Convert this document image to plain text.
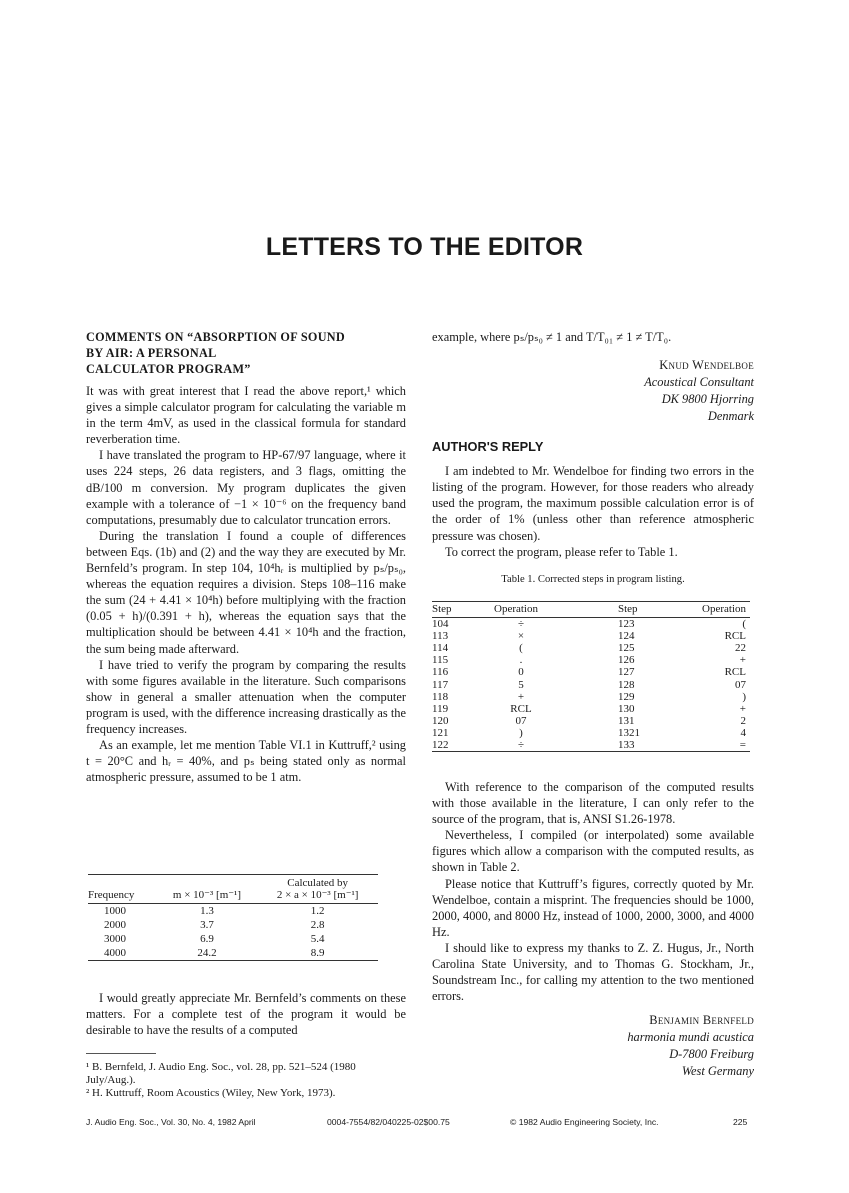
LETTERS TO THE EDITOR
COMMENTS ON “ABSORPTION OF SOUND
BY AIR: A PERSONAL
CALCULATOR PROGRAM”

It was with great interest that I read the above report,¹ which gives a simple calculator program for calculating the variable m in the term 4mV, as used in the classical formula for standard reverberation time.

I have translated the program to HP-67/97 language, where it uses 224 steps, 26 data registers, and 3 flags, omitting the dB/100 m conversion. My program duplicates the given example with a tolerance of −1 × 10⁻⁶ on the frequency band computations, presumably due to calculator truncation errors.

During the translation I found a couple of differences between Eqs. (1b) and (2) and the way they are executed by Mr. Bernfeld’s program. In step 104, 10⁴hᵣ is multiplied by pₛ/pₛ₀, whereas the equation requires a division. Steps 108–116 make the sum (24 + 4.41 × 10⁴h) before multiplying with the fraction (0.05 + h)/(0.391 + h), whereas the equation says that the multiplication should be between 4.41 × 10⁴h and the fraction, the sum being made afterward.

I have tried to verify the program by comparing the results with some figures available in the literature. Such comparisons show in general a smaller attenuation when the computer program is used, with the difference increasing drastically as the frequency increases.

As an example, let me mention Table VI.1 in Kuttruff,² using t = 20°C and hᵣ = 40%, and pₛ being stated only as normal atmospheric pressure, assumed to be 1 atm.

Frequency	m × 10⁻³ [m⁻¹]	Calculated by
2 × a × 10⁻³ [m⁻¹]

1000	1.3	1.2
2000	3.7	2.8
3000	6.9	5.4
4000	24.2	8.9

I would greatly appreciate Mr. Bernfeld’s comments on these matters. For a complete test of the program it would be desirable to have the results of a computed

¹ B. Bernfeld, J. Audio Eng. Soc., vol. 28, pp. 521–524 (1980 July/Aug.).
² H. Kuttruff, Room Acoustics (Wiley, New York, 1973).

example, where pₛ/pₛ₀ ≠ 1 and T/T₀₁ ≠ 1 ≠ T/T₀.

Knud Wendelboe
Acoustical Consultant
DK 9800 Hjorring
Denmark
AUTHOR'S REPLY

I am indebted to Mr. Wendelboe for finding two errors in the listing of the program. However, for those readers who already used the program, the maximum possible calculation error is of the order of 1% (unless other than reference atmospheric pressure was chosen).

To correct the program, please refer to Table 1.

Table 1. Corrected steps in program listing.
Step	Operation	Step	Operation
104	÷	123	(
113	×	124	RCL
114	(	125	22
115	.	126	+
116	0	127	RCL
117	5	128	07
118	+	129	)
119	RCL	130	+
120	07	131	2
121	)	1321	4
122	÷	133	=

With reference to the comparison of the computed results with those available in the literature, I can only refer to the source of the program, that is, ANSI S1.26-1978.

Nevertheless, I compiled (or interpolated) some available figures which allow a comparison with the computed results, as shown in Table 2.

Please notice that Kuttruff’s figures, correctly quoted by Mr. Wendelboe, contain a misprint. The frequencies should be 1000, 2000, 4000, and 8000 Hz, instead of 1000, 2000, 3000, and 4000 Hz.

I should like to express my thanks to Z. Z. Hugus, Jr., North Carolina State University, and to Thomas G. Stockham, Jr., Soundstream Inc., for calling my attention to the two mentioned errors.

Benjamin Bernfeld
harmonia mundi acustica
D-7800 Freiburg
West Germany
J. Audio Eng. Soc., Vol. 30, No. 4, 1982 April	0004-7554/82/040225-02$00.75	© 1982 Audio Engineering Society, Inc.	225
